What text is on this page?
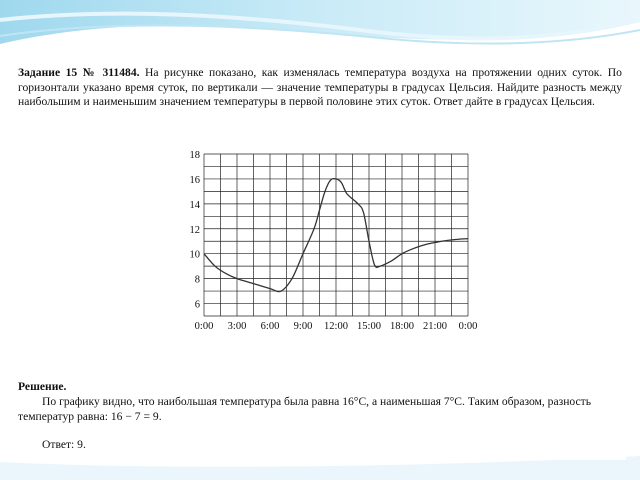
Задание 15 № 311484. На рисунке показано, как изменялась температура воздуха на протяжении одних суток. По горизонтали указано время суток, по вертикали — значение температуры в градусах Цельсия. Найдите разность между наибольшим и наименьшим значением температуры в первой половине этих суток. Ответ дайте в градусах Цельсия.
6
8
10
12
14
16
18
0:00 3:00 6:00 9:00 12:00 15:00 18:00 21:00 0:00
Решение.
По графику видно, что наибольшая температура была равна 16°C, а наименьшая 7°C. Таким образом, разность температур равна: 16 − 7 = 9.
Ответ: 9.
